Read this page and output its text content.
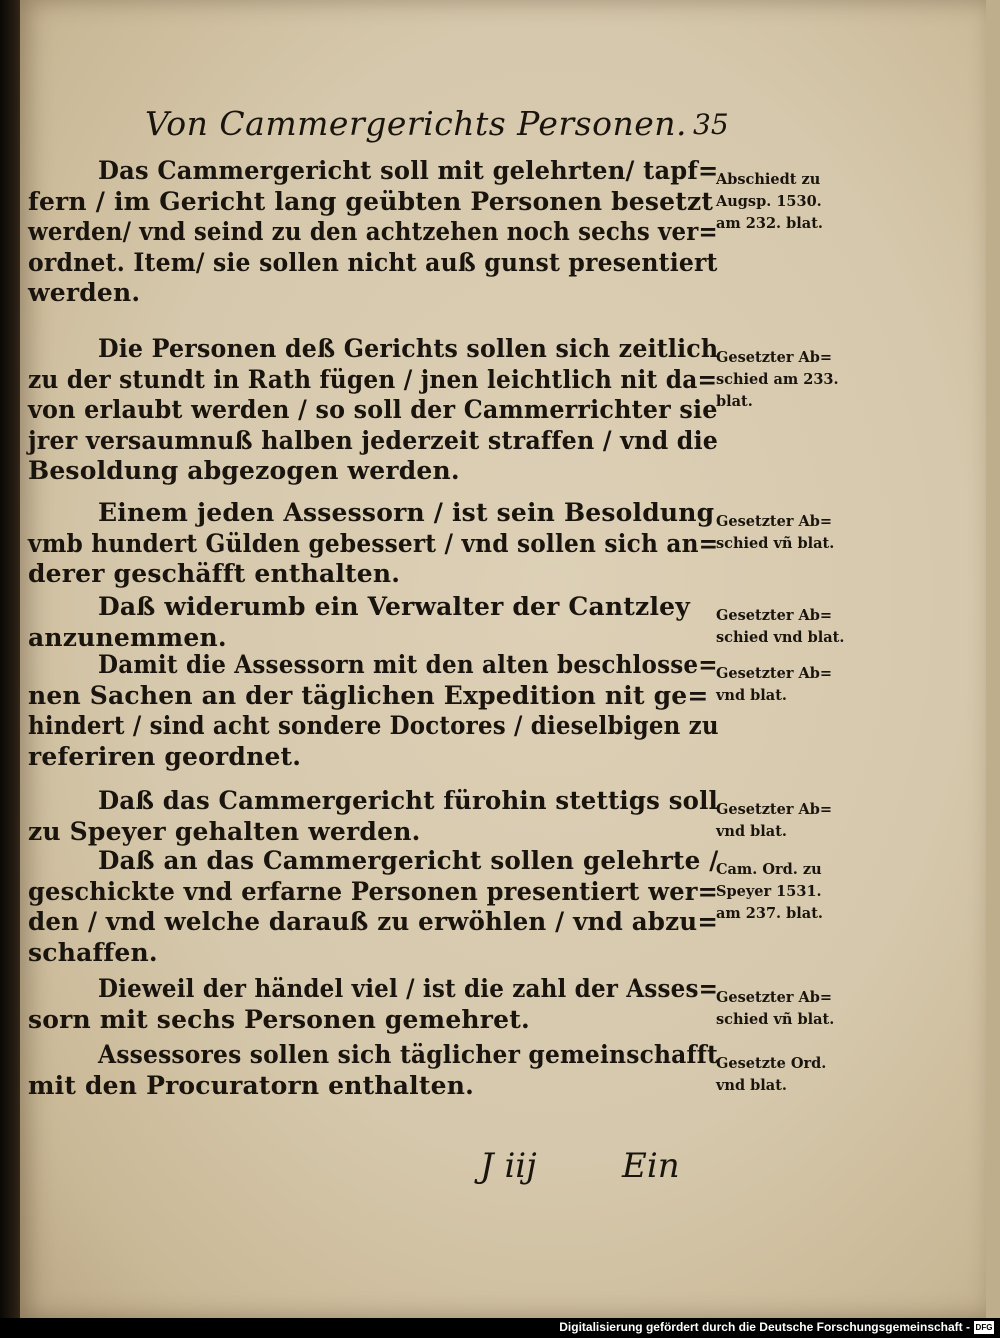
Von Cammergerichts Personen. 35
Das Cammergericht soll mit gelehrten/ tapf=
fern / im Gericht lang geübten Personen besetzt
werden/ vnd seind zu den achtzehen noch sechs ver=
ordnet. Item/ sie sollen nicht auß gunst presentiert
werden.
Abschiedt zu
Augsp. 1530.
am 232. blat.
Die Personen deß Gerichts sollen sich zeitlich
zu der stundt in Rath fügen / jnen leichtlich nit da=
von erlaubt werden / so soll der Cammerrichter sie
jrer versaumnuß halben jederzeit straffen / vnd die
Besoldung abgezogen werden.
Gesetzter Ab=
schied am 233.
blat.
Einem jeden Assessorn / ist sein Besoldung
vmb hundert Gülden gebessert / vnd sollen sich an=
derer geschäfft enthalten.
Gesetzter Ab=
schied vñ blat.
Daß widerumb ein Verwalter der Cantzley
anzunemmen.
Gesetzter Ab=
schied vnd blat.
Damit die Assessorn mit den alten beschlosse=
nen Sachen an der täglichen Expedition nit ge=
hindert / sind acht sondere Doctores / dieselbigen zu
referiren geordnet.
Gesetzter Ab=
vnd blat.
Daß das Cammergericht fürohin stettigs soll
zu Speyer gehalten werden.
Gesetzter Ab=
vnd blat.
Daß an das Cammergericht sollen gelehrte /
geschickte vnd erfarne Personen presentiert wer=
den / vnd welche darauß zu erwöhlen / vnd abzu=
schaffen.
Cam. Ord. zu
Speyer 1531.
am 237. blat.
Dieweil der händel viel / ist die zahl der Asses=
sorn mit sechs Personen gemehret.
Gesetzter Ab=
schied vñ blat.
Assessores sollen sich täglicher gemeinschafft
mit den Procuratorn enthalten.
Gesetzte Ord.
vnd blat.
J iij	Ein
Digitalisierung gefördert durch die Deutsche Forschungsgemeinschaft - DFG
